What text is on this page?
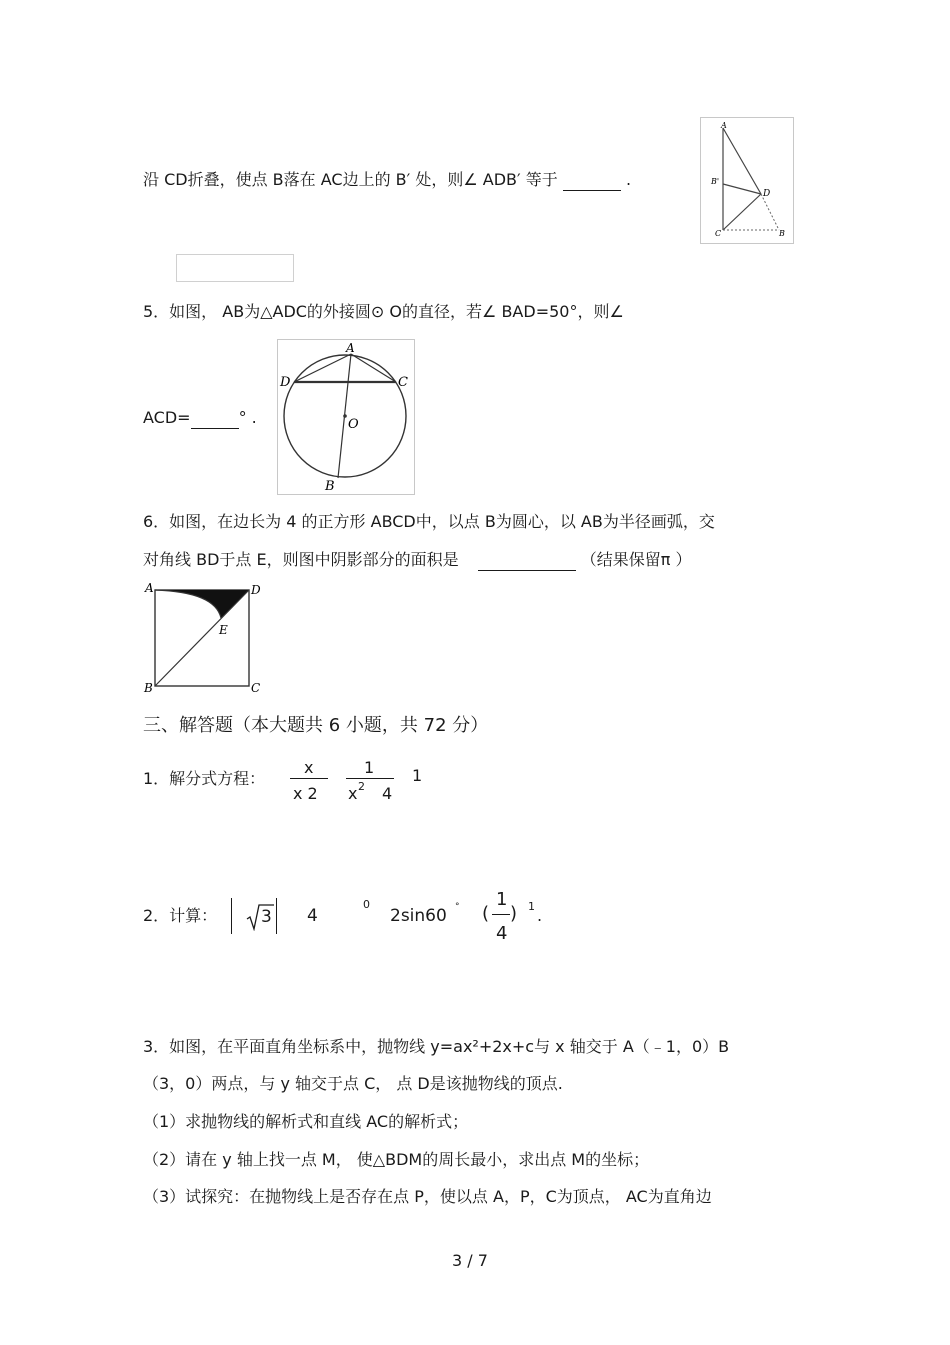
沿 CD折叠，使点 B落在 AC边上的 B′ 处，则∠ ADB′ 等于	.
A
B'
D
C	B
5．如图， AB为△ADC的外接圆⊙ O的直径，若∠ BAD=50°，则∠
ACD=	° .
A
D	C
O
B
6．如图，在边长为 4 的正方形 ABCD中，以点 B为圆心，以 AB为半径画弧，交
对角线 BD于点 E，则图中阴影部分的面积是	（结果保留π ）
A	D
E
B	C
三、解答题（本大题共 6 小题，共 72 分）
1．解分式方程：
x
x 2
1
x 2 4
1
2．计算：	3 4
0
2sin60 ° (
1
4
) 1 .
3．如图，在平面直角坐标系中，抛物线 y=ax²+2x+c与 x 轴交于 A（﹣1，0）B
（3，0）两点，与 y 轴交于点 C， 点 D是该抛物线的顶点.
（1）求抛物线的解析式和直线 AC的解析式；
（2）请在 y 轴上找一点 M， 使△BDM的周长最小，求出点 M的坐标；
（3）试探究：在抛物线上是否存在点 P，使以点 A，P，C为顶点， AC为直角边
3 / 7
